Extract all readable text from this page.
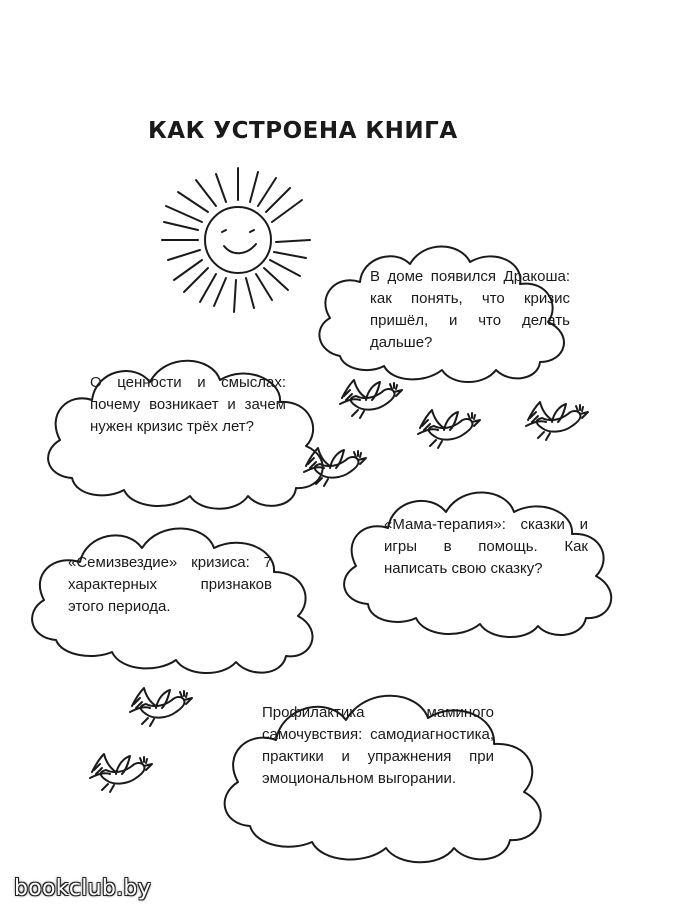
КАК УСТРОЕНА КНИГА
В доме появился Дракоша: как понять, что кризис пришёл, и что делать дальше?
О ценности и смыслах: почему возникает и зачем нужен кризис трёх лет?
«Мама-терапия»: сказки и игры в помощь. Как написать свою сказку?
«Семизвездие» кризиса: 7 характерных признаков этого периода.
Профилактика маминого самочувствия: самодиагностика, практики и упражнения при эмоциональном выгорании.
bookclub.by
